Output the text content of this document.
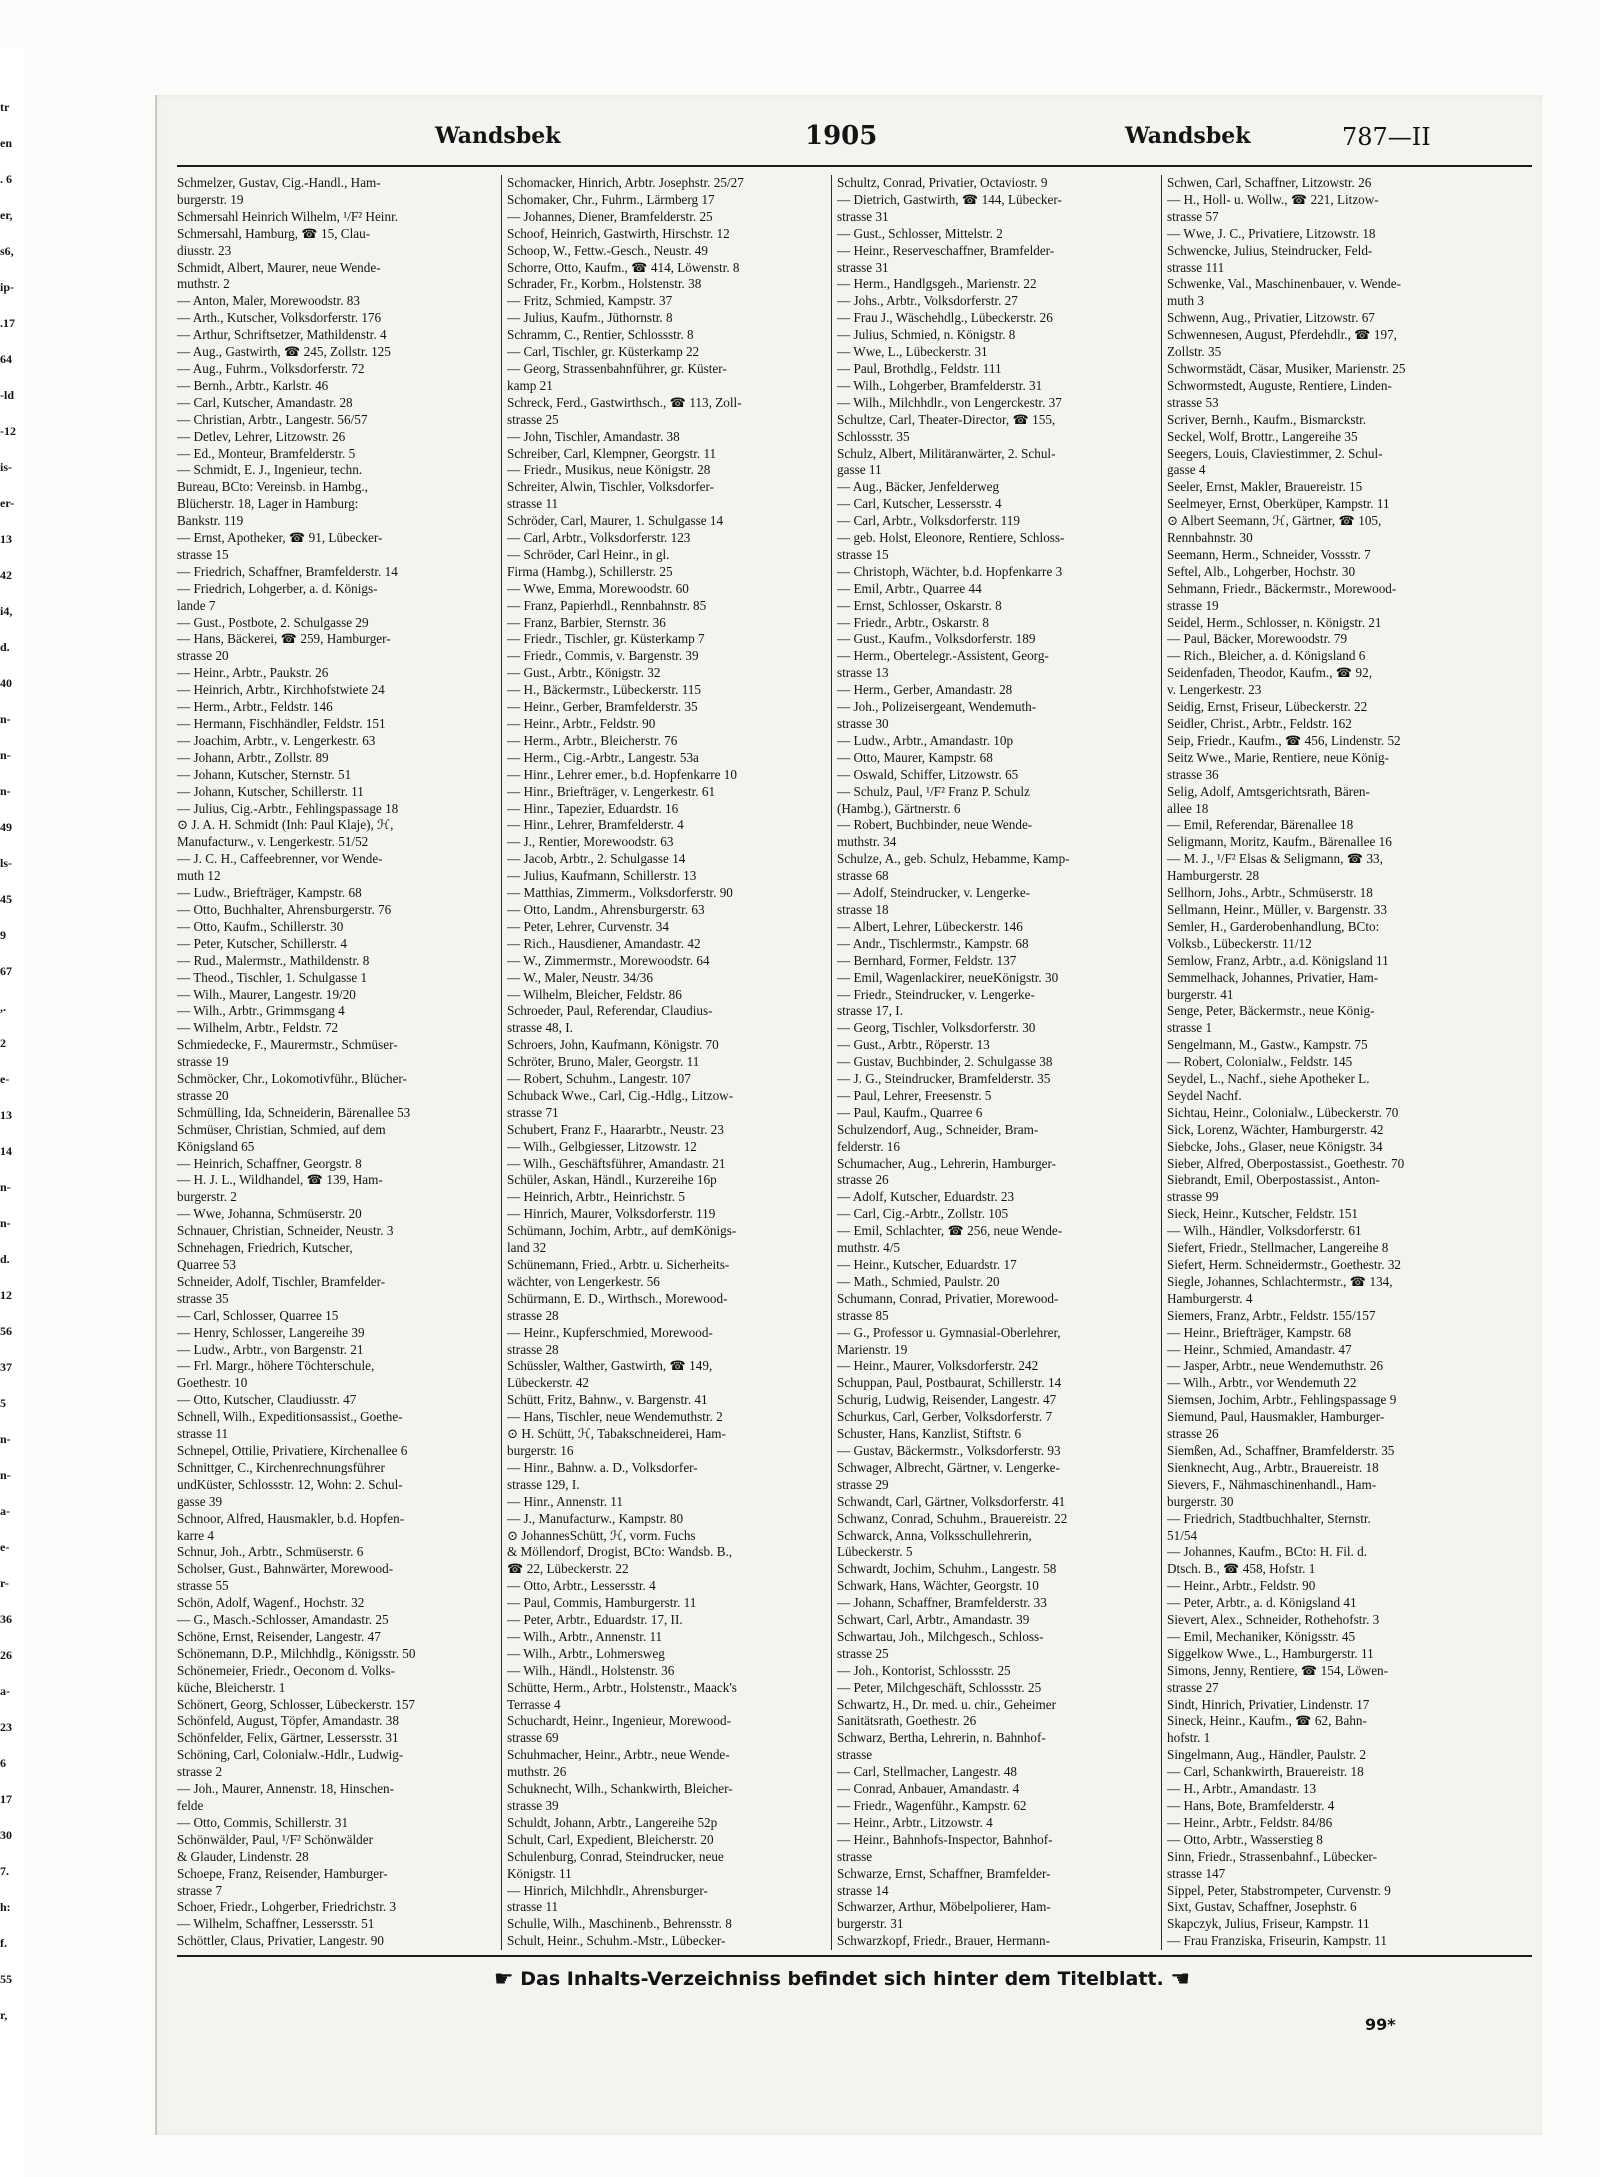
tr
en
. 6
er,
s6,
ip-
.17
64
-ld
-12
is-
er-
13
42
i4,
d.
40
n-
n-
n-
49
ls-
45
9
67
,.
2
e-
13
14
n-
n-
d.
12
56
37
5
n-
n-
a-
e-
r-
36
26
a-
23
6
17
30
7.
h:
f.
55
r,
Wandsbek	1905	Wandsbek	787—II
Schmelzer, Gustav, Cig.-Handl., Ham-
burgerstr. 19
Schmersahl Heinrich Wilhelm, ¹/F² Heinr.
Schmersahl, Hamburg, ☎ 15, Clau-
diusstr. 23
Schmidt, Albert, Maurer, neue Wende-
muthstr. 2
— Anton, Maler, Morewoodstr. 83
— Arth., Kutscher, Volksdorferstr. 176
— Arthur, Schriftsetzer, Mathildenstr. 4
— Aug., Gastwirth, ☎ 245, Zollstr. 125
— Aug., Fuhrm., Volksdorferstr. 72
— Bernh., Arbtr., Karlstr. 46
— Carl, Kutscher, Amandastr. 28
— Christian, Arbtr., Langestr. 56/57
— Detlev, Lehrer, Litzowstr. 26
— Ed., Monteur, Bramfelderstr. 5
— Schmidt, E. J., Ingenieur, techn.
Bureau, BCto: Vereinsb. in Hambg.,
Blücherstr. 18, Lager in Hamburg:
Bankstr. 119
— Ernst, Apotheker, ☎ 91, Lübecker-
strasse 15
— Friedrich, Schaffner, Bramfelderstr. 14
— Friedrich, Lohgerber, a. d. Königs-
lande 7
— Gust., Postbote, 2. Schulgasse 29
— Hans, Bäckerei, ☎ 259, Hamburger-
strasse 20
— Heinr., Arbtr., Paukstr. 26
— Heinrich, Arbtr., Kirchhofstwiete 24
— Herm., Arbtr., Feldstr. 146
— Hermann, Fischhändler, Feldstr. 151
— Joachim, Arbtr., v. Lengerkestr. 63
— Johann, Arbtr., Zollstr. 89
— Johann, Kutscher, Sternstr. 51
— Johann, Kutscher, Schillerstr. 11
— Julius, Cig.-Arbtr., Fehlingspassage 18
⊙ J. A. H. Schmidt (Inh: Paul Klaje), ℋ,
Manufacturw., v. Lengerkestr. 51/52
— J. C. H., Caffeebrenner, vor Wende-
muth 12
— Ludw., Briefträger, Kampstr. 68
— Otto, Buchhalter, Ahrensburgerstr. 76
— Otto, Kaufm., Schillerstr. 30
— Peter, Kutscher, Schillerstr. 4
— Rud., Malermstr., Mathildenstr. 8
— Theod., Tischler, 1. Schulgasse 1
— Wilh., Maurer, Langestr. 19/20
— Wilh., Arbtr., Grimmsgang 4
— Wilhelm, Arbtr., Feldstr. 72
Schmiedecke, F., Maurermstr., Schmüser-
strasse 19
Schmöcker, Chr., Lokomotivführ., Blücher-
strasse 20
Schmülling, Ida, Schneiderin, Bärenallee 53
Schmüser, Christian, Schmied, auf dem
Königsland 65
— Heinrich, Schaffner, Georgstr. 8
— H. J. L., Wildhandel, ☎ 139, Ham-
burgerstr. 2
— Wwe, Johanna, Schmüserstr. 20
Schnauer, Christian, Schneider, Neustr. 3
Schnehagen, Friedrich, Kutscher,
Quarree 53
Schneider, Adolf, Tischler, Bramfelder-
strasse 35
— Carl, Schlosser, Quarree 15
— Henry, Schlosser, Langereihe 39
— Ludw., Arbtr., von Bargenstr. 21
— Frl. Margr., höhere Töchterschule,
Goethestr. 10
— Otto, Kutscher, Claudiusstr. 47
Schnell, Wilh., Expeditionsassist., Goethe-
strasse 11
Schnepel, Ottilie, Privatiere, Kirchenallee 6
Schnittger, C., Kirchenrechnungsführer
undKüster, Schlossstr. 12, Wohn: 2. Schul-
gasse 39
Schnoor, Alfred, Hausmakler, b.d. Hopfen-
karre 4
Schnur, Joh., Arbtr., Schmüserstr. 6
Scholser, Gust., Bahnwärter, Morewood-
strasse 55
Schön, Adolf, Wagenf., Hochstr. 32
— G., Masch.-Schlosser, Amandastr. 25
Schöne, Ernst, Reisender, Langestr. 47
Schönemann, D.P., Milchhdlg., Königsstr. 50
Schönemeier, Friedr., Oeconom d. Volks-
küche, Bleicherstr. 1
Schönert, Georg, Schlosser, Lübeckerstr. 157
Schönfeld, August, Töpfer, Amandastr. 38
Schönfelder, Felix, Gärtner, Lessersstr. 31
Schöning, Carl, Colonialw.-Hdlr., Ludwig-
strasse 2
— Joh., Maurer, Annenstr. 18, Hinschen-
felde
— Otto, Commis, Schillerstr. 31
Schönwälder, Paul, ¹/F² Schönwälder
& Glauder, Lindenstr. 28
Schoepe, Franz, Reisender, Hamburger-
strasse 7
Schoer, Friedr., Lohgerber, Friedrichstr. 3
— Wilhelm, Schaffner, Lessersstr. 51
Schöttler, Claus, Privatier, Langestr. 90
Schomacker, Hinrich, Arbtr. Josephstr. 25/27
Schomaker, Chr., Fuhrm., Lärmberg 17
— Johannes, Diener, Bramfelderstr. 25
Schoof, Heinrich, Gastwirth, Hirschstr. 12
Schoop, W., Fettw.-Gesch., Neustr. 49
Schorre, Otto, Kaufm., ☎ 414, Löwenstr. 8
Schrader, Fr., Korbm., Holstenstr. 38
— Fritz, Schmied, Kampstr. 37
— Julius, Kaufm., Jüthornstr. 8
Schramm, C., Rentier, Schlossstr. 8
— Carl, Tischler, gr. Küsterkamp 22
— Georg, Strassenbahnführer, gr. Küster-
kamp 21
Schreck, Ferd., Gastwirthsch., ☎ 113, Zoll-
strasse 25
— John, Tischler, Amandastr. 38
Schreiber, Carl, Klempner, Georgstr. 11
— Friedr., Musikus, neue Königstr. 28
Schreiter, Alwin, Tischler, Volksdorfer-
strasse 11
Schröder, Carl, Maurer, 1. Schulgasse 14
— Carl, Arbtr., Volksdorferstr. 123
— Schröder, Carl Heinr., in gl.
Firma (Hambg.), Schillerstr. 25
— Wwe, Emma, Morewoodstr. 60
— Franz, Papierhdl., Rennbahnstr. 85
— Franz, Barbier, Sternstr. 36
— Friedr., Tischler, gr. Küsterkamp 7
— Friedr., Commis, v. Bargenstr. 39
— Gust., Arbtr., Königstr. 32
— H., Bäckermstr., Lübeckerstr. 115
— Heinr., Gerber, Bramfelderstr. 35
— Heinr., Arbtr., Feldstr. 90
— Herm., Arbtr., Bleicherstr. 76
— Herm., Cig.-Arbtr., Langestr. 53a
— Hinr., Lehrer emer., b.d. Hopfenkarre 10
— Hinr., Briefträger, v. Lengerkestr. 61
— Hinr., Tapezier, Eduardstr. 16
— Hinr., Lehrer, Bramfelderstr. 4
— J., Rentier, Morewoodstr. 63
— Jacob, Arbtr., 2. Schulgasse 14
— Julius, Kaufmann, Schillerstr. 13
— Matthias, Zimmerm., Volksdorferstr. 90
— Otto, Landm., Ahrensburgerstr. 63
— Peter, Lehrer, Curvenstr. 34
— Rich., Hausdiener, Amandastr. 42
— W., Zimmermstr., Morewoodstr. 64
— W., Maler, Neustr. 34/36
— Wilhelm, Bleicher, Feldstr. 86
Schroeder, Paul, Referendar, Claudius-
strasse 48, I.
Schroers, John, Kaufmann, Königstr. 70
Schröter, Bruno, Maler, Georgstr. 11
— Robert, Schuhm., Langestr. 107
Schuback Wwe., Carl, Cig.-Hdlg., Litzow-
strasse 71
Schubert, Franz F., Haararbtr., Neustr. 23
— Wilh., Gelbgiesser, Litzowstr. 12
— Wilh., Geschäftsführer, Amandastr. 21
Schüler, Askan, Händl., Kurzereihe 16p
— Heinrich, Arbtr., Heinrichstr. 5
— Hinrich, Maurer, Volksdorferstr. 119
Schümann, Jochim, Arbtr., auf demKönigs-
land 32
Schünemann, Fried., Arbtr. u. Sicherheits-
wächter, von Lengerkestr. 56
Schürmann, E. D., Wirthsch., Morewood-
strasse 28
— Heinr., Kupferschmied, Morewood-
strasse 28
Schüssler, Walther, Gastwirth, ☎ 149,
Lübeckerstr. 42
Schütt, Fritz, Bahnw., v. Bargenstr. 41
— Hans, Tischler, neue Wendemuthstr. 2
⊙ H. Schütt, ℋ, Tabakschneiderei, Ham-
burgerstr. 16
— Hinr., Bahnw. a. D., Volksdorfer-
strasse 129, I.
— Hinr., Annenstr. 11
— J., Manufacturw., Kampstr. 80
⊙ JohannesSchütt, ℋ, vorm. Fuchs
& Möllendorf, Drogist, BCto: Wandsb. B.,
☎ 22, Lübeckerstr. 22
— Otto, Arbtr., Lessersstr. 4
— Paul, Commis, Hamburgerstr. 11
— Peter, Arbtr., Eduardstr. 17, II.
— Wilh., Arbtr., Annenstr. 11
— Wilh., Arbtr., Lohmersweg
— Wilh., Händl., Holstenstr. 36
Schütte, Herm., Arbtr., Holstenstr., Maack's
Terrasse 4
Schuchardt, Heinr., Ingenieur, Morewood-
strasse 69
Schuhmacher, Heinr., Arbtr., neue Wende-
muthstr. 26
Schuknecht, Wilh., Schankwirth, Bleicher-
strasse 39
Schuldt, Johann, Arbtr., Langereihe 52p
Schult, Carl, Expedient, Bleicherstr. 20
Schulenburg, Conrad, Steindrucker, neue
Königstr. 11
— Hinrich, Milchhdlr., Ahrensburger-
strasse 11
Schulle, Wilh., Maschinenb., Behrensstr. 8
Schult, Heinr., Schuhm.-Mstr., Lübecker-
Schultz, Conrad, Privatier, Octaviostr. 9
— Dietrich, Gastwirth, ☎ 144, Lübecker-
strasse 31
— Gust., Schlosser, Mittelstr. 2
— Heinr., Reserveschaffner, Bramfelder-
strasse 31
— Herm., Handlgsgeh., Marienstr. 22
— Johs., Arbtr., Volksdorferstr. 27
— Frau J., Wäschehdlg., Lübeckerstr. 26
— Julius, Schmied, n. Königstr. 8
— Wwe, L., Lübeckerstr. 31
— Paul, Brothdlg., Feldstr. 111
— Wilh., Lohgerber, Bramfelderstr. 31
— Wilh., Milchhdlr., von Lengerckestr. 37
Schultze, Carl, Theater-Director, ☎ 155,
Schlossstr. 35
Schulz, Albert, Militäranwärter, 2. Schul-
gasse 11
— Aug., Bäcker, Jenfelderweg
— Carl, Kutscher, Lessersstr. 4
— Carl, Arbtr., Volksdorferstr. 119
— geb. Holst, Eleonore, Rentiere, Schloss-
strasse 15
— Christoph, Wächter, b.d. Hopfenkarre 3
— Emil, Arbtr., Quarree 44
— Ernst, Schlosser, Oskarstr. 8
— Friedr., Arbtr., Oskarstr. 8
— Gust., Kaufm., Volksdorferstr. 189
— Herm., Obertelegr.-Assistent, Georg-
strasse 13
— Herm., Gerber, Amandastr. 28
— Joh., Polizeisergeant, Wendemuth-
strasse 30
— Ludw., Arbtr., Amandastr. 10p
— Otto, Maurer, Kampstr. 68
— Oswald, Schiffer, Litzowstr. 65
— Schulz, Paul, ¹/F² Franz P. Schulz
(Hambg.), Gärtnerstr. 6
— Robert, Buchbinder, neue Wende-
muthstr. 34
Schulze, A., geb. Schulz, Hebamme, Kamp-
strasse 68
— Adolf, Steindrucker, v. Lengerke-
strasse 18
— Albert, Lehrer, Lübeckerstr. 146
— Andr., Tischlermstr., Kampstr. 68
— Bernhard, Former, Feldstr. 137
— Emil, Wagenlackirer, neueKönigstr. 30
— Friedr., Steindrucker, v. Lengerke-
strasse 17, I.
— Georg, Tischler, Volksdorferstr. 30
— Gust., Arbtr., Röperstr. 13
— Gustav, Buchbinder, 2. Schulgasse 38
— J. G., Steindrucker, Bramfelderstr. 35
— Paul, Lehrer, Freesenstr. 5
— Paul, Kaufm., Quarree 6
Schulzendorf, Aug., Schneider, Bram-
felderstr. 16
Schumacher, Aug., Lehrerin, Hamburger-
strasse 26
— Adolf, Kutscher, Eduardstr. 23
— Carl, Cig.-Arbtr., Zollstr. 105
— Emil, Schlachter, ☎ 256, neue Wende-
muthstr. 4/5
— Heinr., Kutscher, Eduardstr. 17
— Math., Schmied, Paulstr. 20
Schumann, Conrad, Privatier, Morewood-
strasse 85
— G., Professor u. Gymnasial-Oberlehrer,
Marienstr. 19
— Heinr., Maurer, Volksdorferstr. 242
Schuppan, Paul, Postbaurat, Schillerstr. 14
Schurig, Ludwig, Reisender, Langestr. 47
Schurkus, Carl, Gerber, Volksdorferstr. 7
Schuster, Hans, Kanzlist, Stiftstr. 6
— Gustav, Bäckermstr., Volksdorferstr. 93
Schwager, Albrecht, Gärtner, v. Lengerke-
strasse 29
Schwandt, Carl, Gärtner, Volksdorferstr. 41
Schwanz, Conrad, Schuhm., Brauereistr. 22
Schwarck, Anna, Volksschullehrerin,
Lübeckerstr. 5
Schwardt, Jochim, Schuhm., Langestr. 58
Schwark, Hans, Wächter, Georgstr. 10
— Johann, Schaffner, Bramfelderstr. 33
Schwart, Carl, Arbtr., Amandastr. 39
Schwartau, Joh., Milchgesch., Schloss-
strasse 25
— Joh., Kontorist, Schlossstr. 25
— Peter, Milchgeschäft, Schlossstr. 25
Schwartz, H., Dr. med. u. chir., Geheimer
Sanitätsrath, Goethestr. 26
Schwarz, Bertha, Lehrerin, n. Bahnhof-
strasse
— Carl, Stellmacher, Langestr. 48
— Conrad, Anbauer, Amandastr. 4
— Friedr., Wagenführ., Kampstr. 62
— Heinr., Arbtr., Litzowstr. 4
— Heinr., Bahnhofs-Inspector, Bahnhof-
strasse
Schwarze, Ernst, Schaffner, Bramfelder-
strasse 14
Schwarzer, Arthur, Möbelpolierer, Ham-
burgerstr. 31
Schwarzkopf, Friedr., Brauer, Hermann-
Schwen, Carl, Schaffner, Litzowstr. 26
— H., Holl- u. Wollw., ☎ 221, Litzow-
strasse 57
— Wwe, J. C., Privatiere, Litzowstr. 18
Schwencke, Julius, Steindrucker, Feld-
strasse 111
Schwenke, Val., Maschinenbauer, v. Wende-
muth 3
Schwenn, Aug., Privatier, Litzowstr. 67
Schwennesen, August, Pferdehdlr., ☎ 197,
Zollstr. 35
Schwormstädt, Cäsar, Musiker, Marienstr. 25
Schwormstedt, Auguste, Rentiere, Linden-
strasse 53
Scriver, Bernh., Kaufm., Bismarckstr.
Seckel, Wolf, Brottr., Langereihe 35
Seegers, Louis, Claviestimmer, 2. Schul-
gasse 4
Seeler, Ernst, Makler, Brauereistr. 15
Seelmeyer, Ernst, Oberküper, Kampstr. 11
⊙ Albert Seemann, ℋ, Gärtner, ☎ 105,
Rennbahnstr. 30
Seemann, Herm., Schneider, Vossstr. 7
Seftel, Alb., Lohgerber, Hochstr. 30
Sehmann, Friedr., Bäckermstr., Morewood-
strasse 19
Seidel, Herm., Schlosser, n. Königstr. 21
— Paul, Bäcker, Morewoodstr. 79
— Rich., Bleicher, a. d. Königsland 6
Seidenfaden, Theodor, Kaufm., ☎ 92,
v. Lengerkestr. 23
Seidig, Ernst, Friseur, Lübeckerstr. 22
Seidler, Christ., Arbtr., Feldstr. 162
Seip, Friedr., Kaufm., ☎ 456, Lindenstr. 52
Seitz Wwe., Marie, Rentiere, neue König-
strasse 36
Selig, Adolf, Amtsgerichtsrath, Bären-
allee 18
— Emil, Referendar, Bärenallee 18
Seligmann, Moritz, Kaufm., Bärenallee 16
— M. J., ¹/F² Elsas & Seligmann, ☎ 33,
Hamburgerstr. 28
Sellhorn, Johs., Arbtr., Schmüserstr. 18
Sellmann, Heinr., Müller, v. Bargenstr. 33
Semler, H., Garderobenhandlung, BCto:
Volksb., Lübeckerstr. 11/12
Semlow, Franz, Arbtr., a.d. Königsland 11
Semmelhack, Johannes, Privatier, Ham-
burgerstr. 41
Senge, Peter, Bäckermstr., neue König-
strasse 1
Sengelmann, M., Gastw., Kampstr. 75
— Robert, Colonialw., Feldstr. 145
Seydel, L., Nachf., siehe Apotheker L.
Seydel Nachf.
Sichtau, Heinr., Colonialw., Lübeckerstr. 70
Sick, Lorenz, Wächter, Hamburgerstr. 42
Siebcke, Johs., Glaser, neue Königstr. 34
Sieber, Alfred, Oberpostassist., Goethestr. 70
Siebrandt, Emil, Oberpostassist., Anton-
strasse 99
Sieck, Heinr., Kutscher, Feldstr. 151
— Wilh., Händler, Volksdorferstr. 61
Siefert, Friedr., Stellmacher, Langereihe 8
Siefert, Herm. Schneidermstr., Goethestr. 32
Siegle, Johannes, Schlachtermstr., ☎ 134,
Hamburgerstr. 4
Siemers, Franz, Arbtr., Feldstr. 155/157
— Heinr., Briefträger, Kampstr. 68
— Heinr., Schmied, Amandastr. 47
— Jasper, Arbtr., neue Wendemuthstr. 26
— Wilh., Arbtr., vor Wendemuth 22
Siemsen, Jochim, Arbtr., Fehlingspassage 9
Siemund, Paul, Hausmakler, Hamburger-
strasse 26
Siemßen, Ad., Schaffner, Bramfelderstr. 35
Sienknecht, Aug., Arbtr., Brauereistr. 18
Sievers, F., Nähmaschinenhandl., Ham-
burgerstr. 30
— Friedrich, Stadtbuchhalter, Sternstr.
51/54
— Johannes, Kaufm., BCto: H. Fil. d.
Dtsch. B., ☎ 458, Hofstr. 1
— Heinr., Arbtr., Feldstr. 90
— Peter, Arbtr., a. d. Königsland 41
Sievert, Alex., Schneider, Rothehofstr. 3
— Emil, Mechaniker, Königsstr. 45
Siggelkow Wwe., L., Hamburgerstr. 11
Simons, Jenny, Rentiere, ☎ 154, Löwen-
strasse 27
Sindt, Hinrich, Privatier, Lindenstr. 17
Sineck, Heinr., Kaufm., ☎ 62, Bahn-
hofstr. 1
Singelmann, Aug., Händler, Paulstr. 2
— Carl, Schankwirth, Brauereistr. 18
— H., Arbtr., Amandastr. 13
— Hans, Bote, Bramfelderstr. 4
— Heinr., Arbtr., Feldstr. 84/86
— Otto, Arbtr., Wasserstieg 8
Sinn, Friedr., Strassenbahnf., Lübecker-
strasse 147
Sippel, Peter, Stabstrompeter, Curvenstr. 9
Sixt, Gustav, Schaffner, Josephstr. 6
Skapczyk, Julius, Friseur, Kampstr. 11
— Frau Franziska, Friseurin, Kampstr. 11
☛ Das Inhalts-Verzeichniss befindet sich hinter dem Titelblatt. ☚
99*
